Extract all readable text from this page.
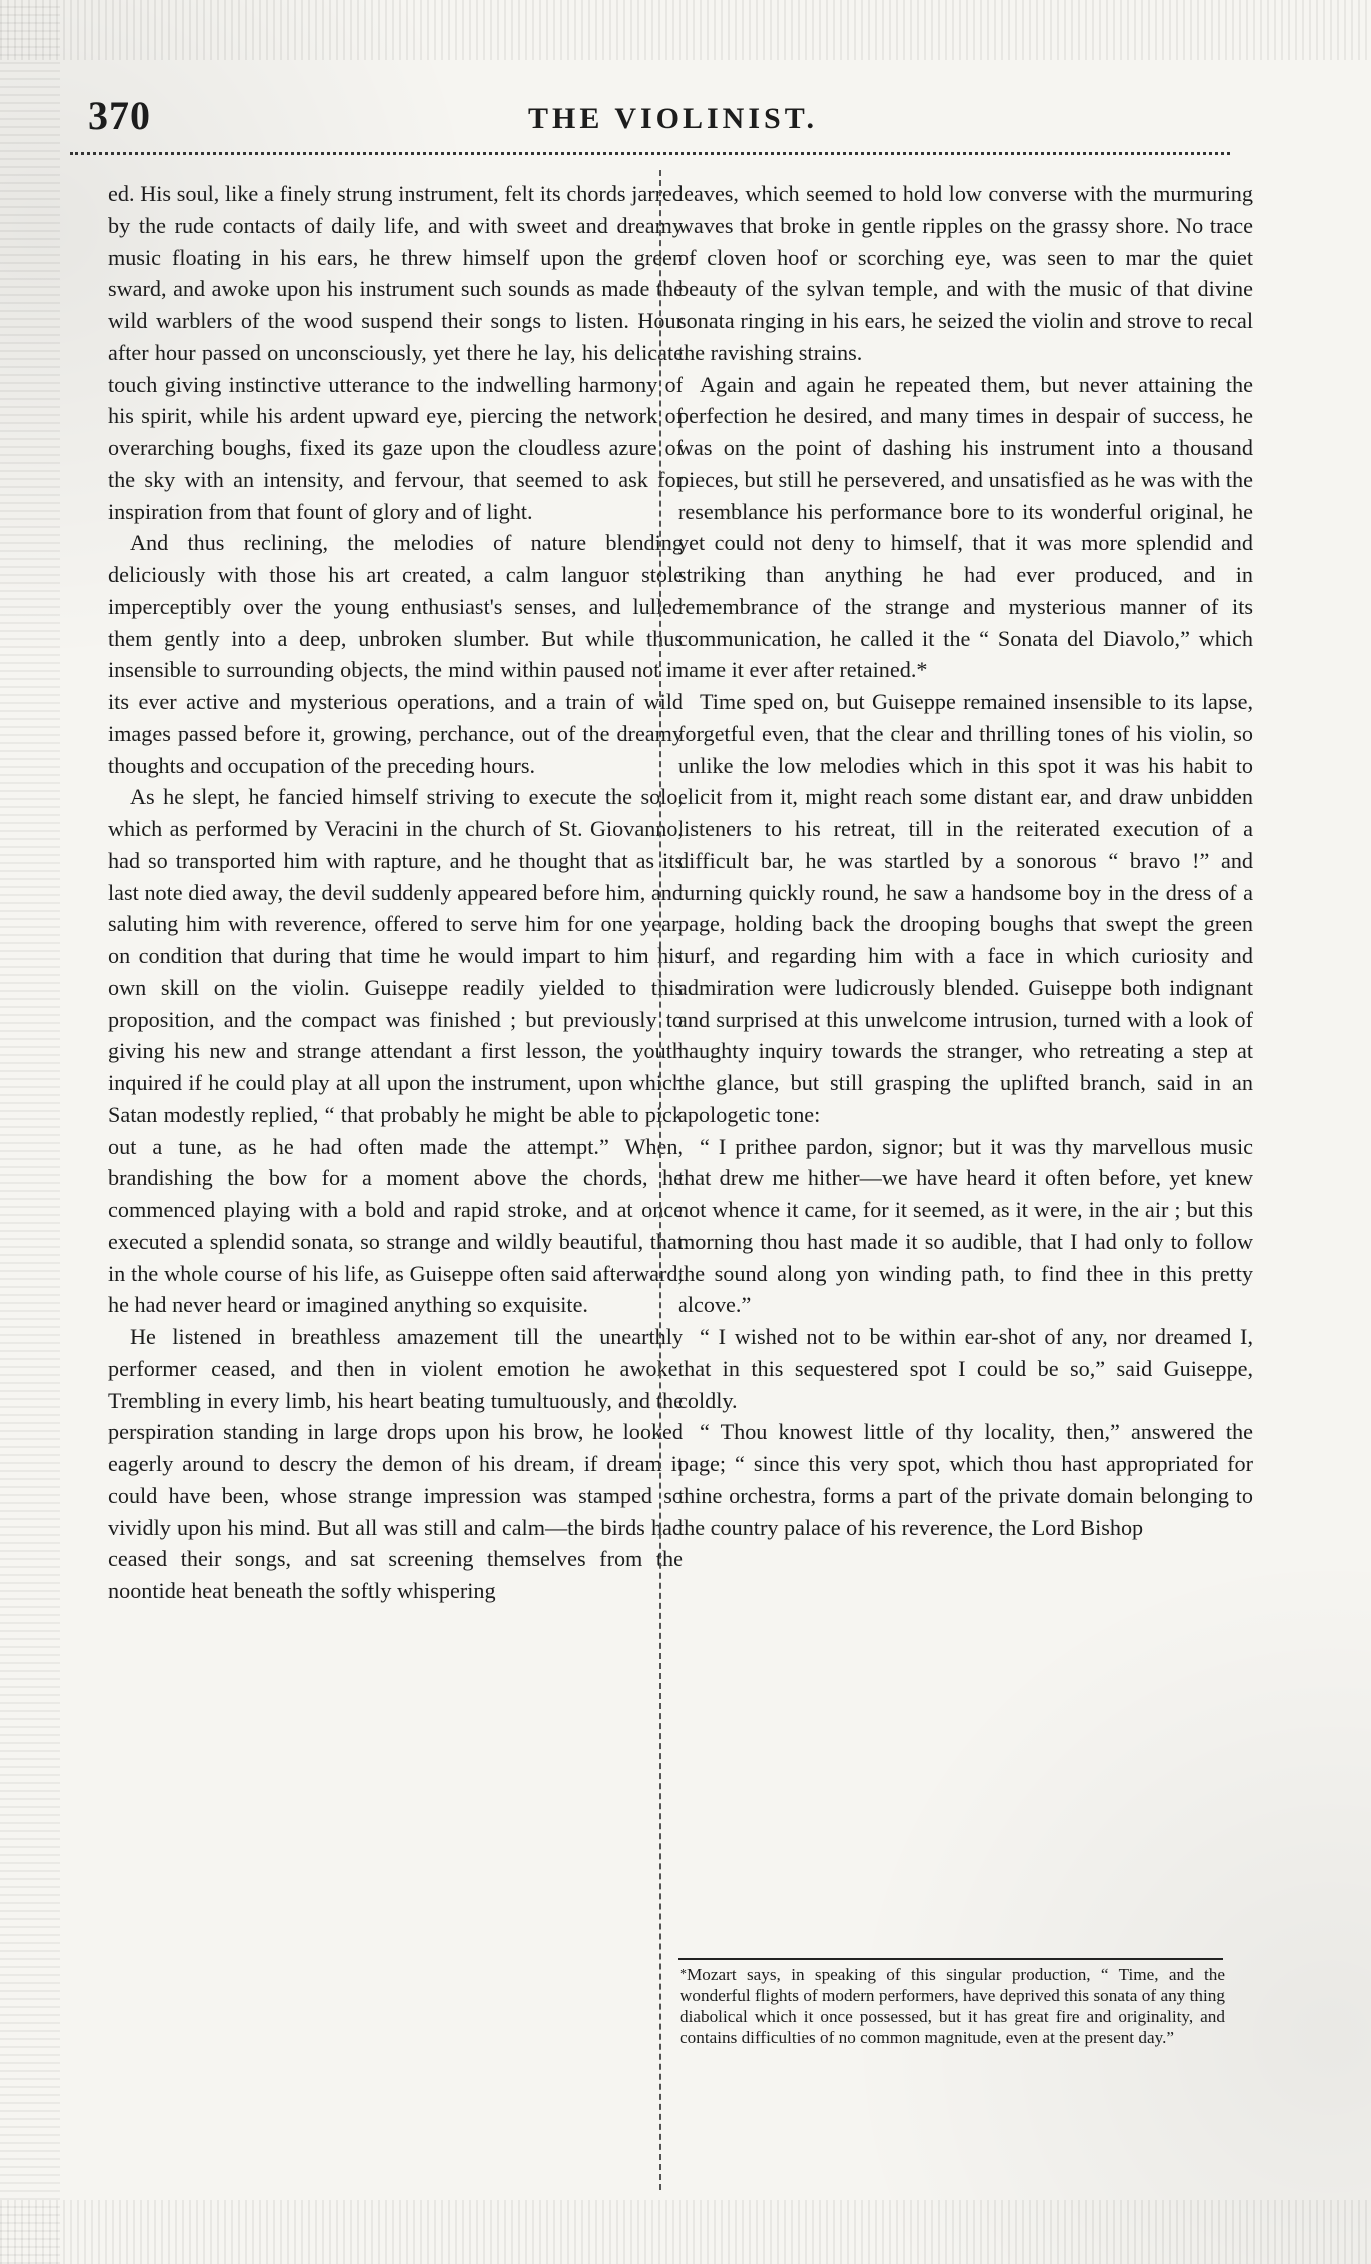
370	THE VIOLINIST.

ed. His soul, like a finely strung instrument, felt its chords jarred by the rude contacts of daily life, and with sweet and dreamy music floating in his ears, he threw himself upon the green sward, and awoke upon his instrument such sounds as made the wild warblers of the wood suspend their songs to listen. Hour after hour passed on unconsciously, yet there he lay, his delicate touch giving instinctive utterance to the indwelling harmony of his spirit, while his ardent upward eye, piercing the network of overarching boughs, fixed its gaze upon the cloudless azure of the sky with an intensity, and fervour, that seemed to ask for inspiration from that fount of glory and of light.

And thus reclining, the melodies of nature blending deliciously with those his art created, a calm languor stole imperceptibly over the young enthusiast's senses, and lulled them gently into a deep, unbroken slumber. But while thus insensible to surrounding objects, the mind within paused not in its ever active and mysterious operations, and a train of wild images passed before it, growing, perchance, out of the dreamy thoughts and occupation of the preceding hours.

As he slept, he fancied himself striving to execute the solo, which as performed by Veracini in the church of St. Giovanno, had so transported him with rapture, and he thought that as its last note died away, the devil suddenly appeared before him, and saluting him with reverence, offered to serve him for one year, on condition that during that time he would impart to him his own skill on the violin. Guiseppe readily yielded to this proposition, and the compact was finished ; but previously to giving his new and strange attendant a first lesson, the youth inquired if he could play at all upon the instrument, upon which Satan modestly replied, “ that probably he might be able to pick out a tune, as he had often made the attempt.” When, brandishing the bow for a moment above the chords, he commenced playing with a bold and rapid stroke, and at once executed a splendid sonata, so strange and wildly beautiful, that in the whole course of his life, as Guiseppe often said afterward, he had never heard or imagined anything so exquisite.

He listened in breathless amazement till the unearthly performer ceased, and then in violent emotion he awoke. Trembling in every limb, his heart beating tumultuously, and the perspiration standing in large drops upon his brow, he looked eagerly around to descry the demon of his dream, if dream it could have been, whose strange impression was stamped so vividly upon his mind. But all was still and calm—the birds had ceased their songs, and sat screening themselves from the noontide heat beneath the softly whispering

leaves, which seemed to hold low converse with the murmuring waves that broke in gentle ripples on the grassy shore. No trace of cloven hoof or scorching eye, was seen to mar the quiet beauty of the sylvan temple, and with the music of that divine sonata ringing in his ears, he seized the violin and strove to recal the ravishing strains.

Again and again he repeated them, but never attaining the perfection he desired, and many times in despair of success, he was on the point of dashing his instrument into a thousand pieces, but still he persevered, and unsatisfied as he was with the resemblance his performance bore to its wonderful original, he yet could not deny to himself, that it was more splendid and striking than anything he had ever produced, and in remembrance of the strange and mysterious manner of its communication, he called it the “ Sonata del Diavolo,” which name it ever after retained.*

Time sped on, but Guiseppe remained insensible to its lapse, forgetful even, that the clear and thrilling tones of his violin, so unlike the low melodies which in this spot it was his habit to elicit from it, might reach some distant ear, and draw unbidden listeners to his retreat, till in the reiterated execution of a difficult bar, he was startled by a sonorous “ bravo !” and turning quickly round, he saw a handsome boy in the dress of a page, holding back the drooping boughs that swept the green turf, and regarding him with a face in which curiosity and admiration were ludicrously blended. Guiseppe both indignant and surprised at this unwelcome intrusion, turned with a look of haughty inquiry towards the stranger, who retreating a step at the glance, but still grasping the uplifted branch, said in an apologetic tone:

“ I prithee pardon, signor; but it was thy marvellous music that drew me hither—we have heard it often before, yet knew not whence it came, for it seemed, as it were, in the air ; but this morning thou hast made it so audible, that I had only to follow the sound along yon winding path, to find thee in this pretty alcove.”

“ I wished not to be within ear-shot of any, nor dreamed I, that in this sequestered spot I could be so,” said Guiseppe, coldly.

“ Thou knowest little of thy locality, then,” answered the page; “ since this very spot, which thou hast appropriated for thine orchestra, forms a part of the private domain belonging to the country palace of his reverence, the Lord Bishop

*Mozart says, in speaking of this singular production, “ Time, and the wonderful flights of modern performers, have deprived this sonata of any thing diabolical which it once possessed, but it has great fire and originality, and contains difficulties of no common magnitude, even at the present day.”
